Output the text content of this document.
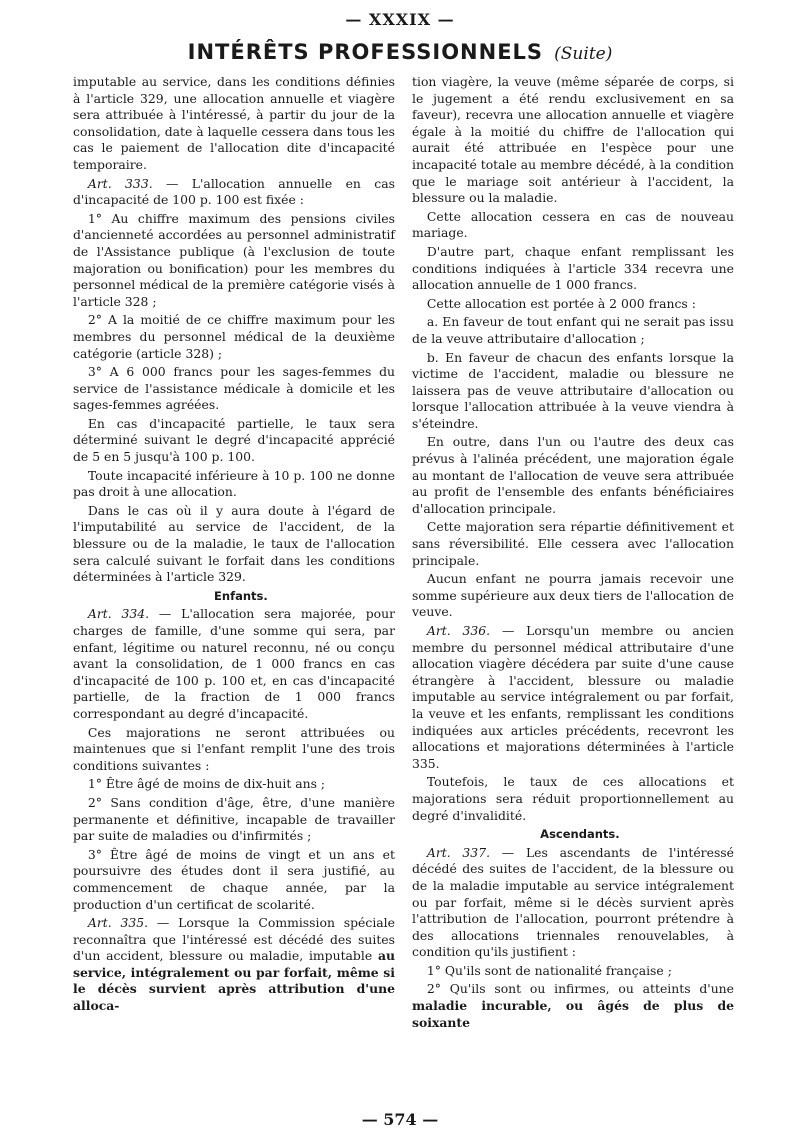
— XXXIX —
INTÉRÊTS PROFESSIONNELS (Suite)

imputable au service, dans les conditions définies à l'article 329, une allocation annuelle et viagère sera attribuée à l'intéressé, à partir du jour de la consolidation, date à laquelle cessera dans tous les cas le paiement de l'allocation dite d'incapacité temporaire.

Art. 333. — L'allocation annuelle en cas d'incapacité de 100 p. 100 est fixée :

1° Au chiffre maximum des pensions civiles d'ancienneté accordées au personnel administratif de l'Assistance publique (à l'exclusion de toute majoration ou bonification) pour les membres du personnel médical de la première catégorie visés à l'article 328 ;

2° A la moitié de ce chiffre maximum pour les membres du personnel médical de la deuxième catégorie (article 328) ;

3° A 6 000 francs pour les sages-femmes du service de l'assistance médicale à domicile et les sages-femmes agréées.

En cas d'incapacité partielle, le taux sera déterminé suivant le degré d'incapacité apprécié de 5 en 5 jusqu'à 100 p. 100.

Toute incapacité inférieure à 10 p. 100 ne donne pas droit à une allocation.

Dans le cas où il y aura doute à l'égard de l'imputabilité au service de l'accident, de la blessure ou de la maladie, le taux de l'allocation sera calculé suivant le forfait dans les conditions déterminées à l'article 329.

Enfants.

Art. 334. — L'allocation sera majorée, pour charges de famille, d'une somme qui sera, par enfant, légitime ou naturel reconnu, né ou conçu avant la consolidation, de 1 000 francs en cas d'incapacité de 100 p. 100 et, en cas d'incapacité partielle, de la fraction de 1 000 francs correspondant au degré d'incapacité.

Ces majorations ne seront attribuées ou maintenues que si l'enfant remplit l'une des trois conditions suivantes :

1° Être âgé de moins de dix-huit ans ;

2° Sans condition d'âge, être, d'une manière permanente et définitive, incapable de travailler par suite de maladies ou d'infirmités ;

3° Être âgé de moins de vingt et un ans et poursuivre des études dont il sera justifié, au commencement de chaque année, par la production d'un certificat de scolarité.

Art. 335. — Lorsque la Commission spéciale reconnaîtra que l'intéressé est décédé des suites d'un accident, blessure ou maladie, imputable au service, intégralement ou par forfait, même si le décès survient après attribution d'une alloca-

tion viagère, la veuve (même séparée de corps, si le jugement a été rendu exclusivement en sa faveur), recevra une allocation annuelle et viagère égale à la moitié du chiffre de l'allocation qui aurait été attribuée en l'espèce pour une incapacité totale au membre décédé, à la condition que le mariage soit antérieur à l'accident, la blessure ou la maladie.

Cette allocation cessera en cas de nouveau mariage.

D'autre part, chaque enfant remplissant les conditions indiquées à l'article 334 recevra une allocation annuelle de 1 000 francs.

Cette allocation est portée à 2 000 francs :

a. En faveur de tout enfant qui ne serait pas issu de la veuve attributaire d'allocation ;

b. En faveur de chacun des enfants lorsque la victime de l'accident, maladie ou blessure ne laissera pas de veuve attributaire d'allocation ou lorsque l'allocation attribuée à la veuve viendra à s'éteindre.

En outre, dans l'un ou l'autre des deux cas prévus à l'alinéa précédent, une majoration égale au montant de l'allocation de veuve sera attribuée au profit de l'ensemble des enfants bénéficiaires d'allocation principale.

Cette majoration sera répartie définitivement et sans réversibilité. Elle cessera avec l'allocation principale.

Aucun enfant ne pourra jamais recevoir une somme supérieure aux deux tiers de l'allocation de veuve.

Art. 336. — Lorsqu'un membre ou ancien membre du personnel médical attributaire d'une allocation viagère décédera par suite d'une cause étrangère à l'accident, blessure ou maladie imputable au service intégralement ou par forfait, la veuve et les enfants, remplissant les conditions indiquées aux articles précédents, recevront les allocations et majorations déterminées à l'article 335.

Toutefois, le taux de ces allocations et majorations sera réduit proportionnellement au degré d'invalidité.

Ascendants.

Art. 337. — Les ascendants de l'intéressé décédé des suites de l'accident, de la blessure ou de la maladie imputable au service intégralement ou par forfait, même si le décès survient après l'attribution de l'allocation, pourront prétendre à des allocations triennales renouvelables, à condition qu'ils justifient :

1° Qu'ils sont de nationalité française ;

2° Qu'ils sont ou infirmes, ou atteints d'une maladie incurable, ou âgés de plus de soixante

— 574 —
